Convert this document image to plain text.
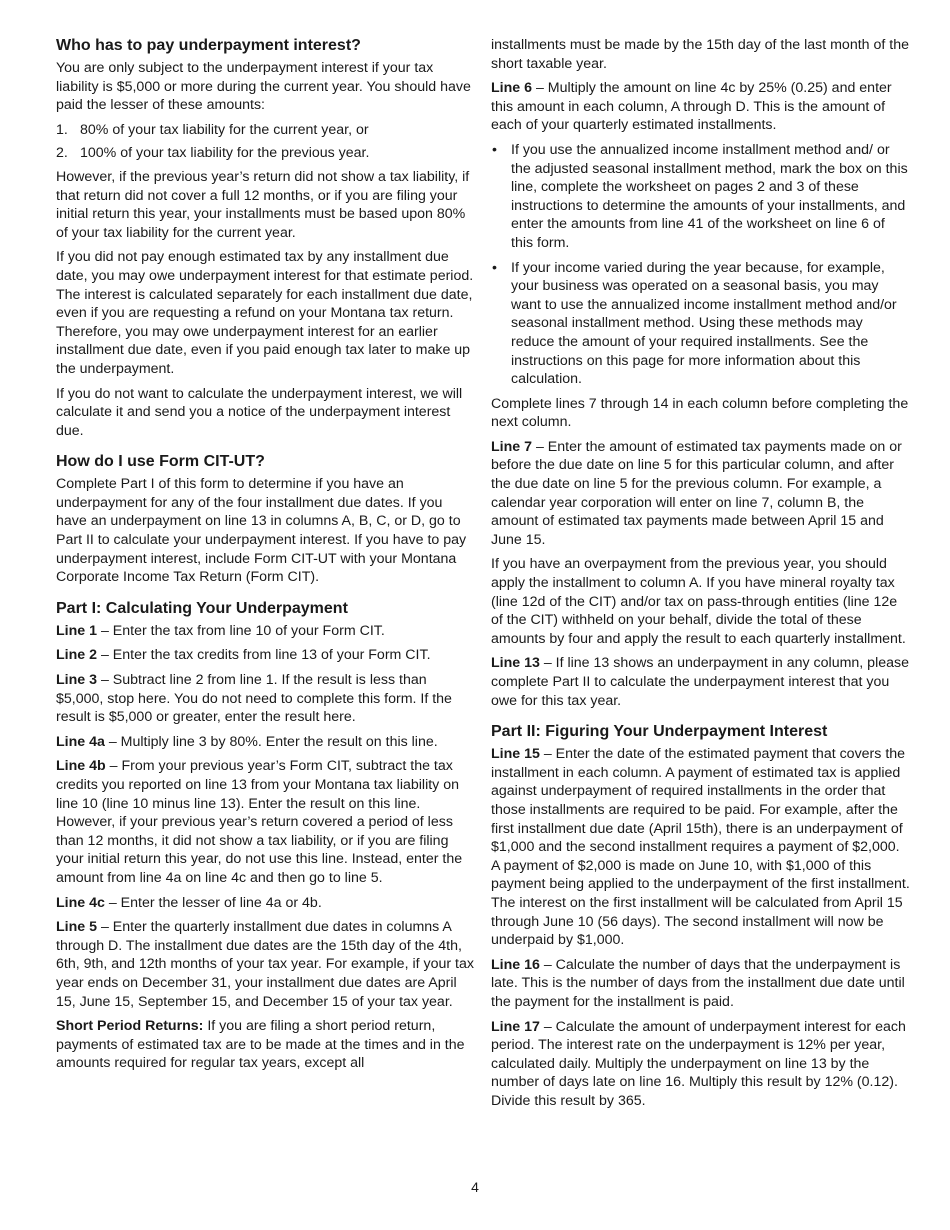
Who has to pay underpayment interest?

You are only subject to the underpayment interest if your tax liability is $5,000 or more during the current year. You should have paid the lesser of these amounts:

1. 80% of your tax liability for the current year, or
2. 100% of your tax liability for the previous year.

However, if the previous year’s return did not show a tax liability, if that return did not cover a full 12 months, or if you are filing your initial return this year, your installments must be based upon 80% of your tax liability for the current year.

If you did not pay enough estimated tax by any installment due date, you may owe underpayment interest for that estimate period. The interest is calculated separately for each installment due date, even if you are requesting a refund on your Montana tax return. Therefore, you may owe underpayment interest for an earlier installment due date, even if you paid enough tax later to make up the underpayment.

If you do not want to calculate the underpayment interest, we will calculate it and send you a notice of the underpayment interest due.

How do I use Form CIT-UT?

Complete Part I of this form to determine if you have an underpayment for any of the four installment due dates. If you have an underpayment on line 13 in columns A, B, C, or D, go to Part II to calculate your underpayment interest. If you have to pay underpayment interest, include Form CIT-UT with your Montana Corporate Income Tax Return (Form CIT).

Part I: Calculating Your Underpayment

Line 1 – Enter the tax from line 10 of your Form CIT.

Line 2 – Enter the tax credits from line 13 of your Form CIT.

Line 3 – Subtract line 2 from line 1. If the result is less than $5,000, stop here. You do not need to complete this form. If the result is $5,000 or greater, enter the result here.

Line 4a – Multiply line 3 by 80%. Enter the result on this line.

Line 4b – From your previous year’s Form CIT, subtract the tax credits you reported on line 13 from your Montana tax liability on line 10 (line 10 minus line 13). Enter the result on this line. However, if your previous year’s return covered a period of less than 12 months, it did not show a tax liability, or if you are filing your initial return this year, do not use this line. Instead, enter the amount from line 4a on line 4c and then go to line 5.

Line 4c – Enter the lesser of line 4a or 4b.

Line 5 – Enter the quarterly installment due dates in columns A through D. The installment due dates are the 15th day of the 4th, 6th, 9th, and 12th months of your tax year. For example, if your tax year ends on December 31, your installment due dates are April 15, June 15, September 15, and December 15 of your tax year.

Short Period Returns: If you are filing a short period return, payments of estimated tax are to be made at the times and in the amounts required for regular tax years, except all

installments must be made by the 15th day of the last month of the short taxable year.

Line 6 – Multiply the amount on line 4c by 25% (0.25) and enter this amount in each column, A through D. This is the amount of each of your quarterly estimated installments.

• If you use the annualized income installment method and/ or the adjusted seasonal installment method, mark the box on this line, complete the worksheet on pages 2 and 3 of these instructions to determine the amounts of your installments, and enter the amounts from line 41 of the worksheet on line 6 of this form.
• If your income varied during the year because, for example, your business was operated on a seasonal basis, you may want to use the annualized income installment method and/or seasonal installment method. Using these methods may reduce the amount of your required installments. See the instructions on this page for more information about this calculation.

Complete lines 7 through 14 in each column before completing the next column.

Line 7 – Enter the amount of estimated tax payments made on or before the due date on line 5 for this particular column, and after the due date on line 5 for the previous column. For example, a calendar year corporation will enter on line 7, column B, the amount of estimated tax payments made between April 15 and June 15.

If you have an overpayment from the previous year, you should apply the installment to column A. If you have mineral royalty tax (line 12d of the CIT) and/or tax on pass-through entities (line 12e of the CIT) withheld on your behalf, divide the total of these amounts by four and apply the result to each quarterly installment.

Line 13 – If line 13 shows an underpayment in any column, please complete Part II to calculate the underpayment interest that you owe for this tax year.

Part II: Figuring Your Underpayment Interest

Line 15 – Enter the date of the estimated payment that covers the installment in each column. A payment of estimated tax is applied against underpayment of required installments in the order that those installments are required to be paid. For example, after the first installment due date (April 15th), there is an underpayment of $1,000 and the second installment requires a payment of $2,000. A payment of $2,000 is made on June 10, with $1,000 of this payment being applied to the underpayment of the first installment. The interest on the first installment will be calculated from April 15 through June 10 (56 days). The second installment will now be underpaid by $1,000.

Line 16 – Calculate the number of days that the underpayment is late. This is the number of days from the installment due date until the payment for the installment is paid.

Line 17 – Calculate the amount of underpayment interest for each period. The interest rate on the underpayment is 12% per year, calculated daily. Multiply the underpayment on line 13 by the number of days late on line 16. Multiply this result by 12% (0.12). Divide this result by 365.

4
